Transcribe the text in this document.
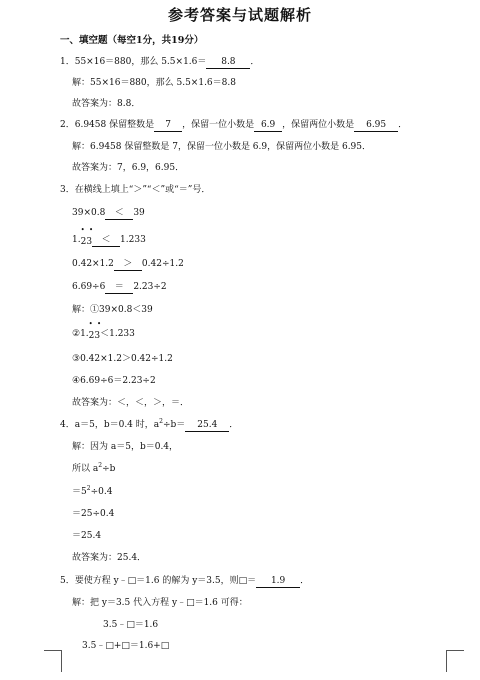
参考答案与试题解析
一、填空题（每空1分，共19分）
1．55×16＝880，那么 5.5×1.6＝ 8.8 ．
解：55×16＝880，那么 5.5×1.6＝8.8
故答案为：8.8．
2．6.9458 保留整数是 7 ，保留一位小数是 6.9 ，保留两位小数是 6.95 ．
解：6.9458 保留整数是 7，保留一位小数是 6.9，保留两位小数是 6.95．
故答案为：7，6.9，6.95．
3．在横线上填上“＞”“＜”或“＝”号．
39×0.8 ＜ 39
1.
• •
23 ＜ 1.233
0.42×1.2 ＞ 0.42÷1.2
6.69÷6 ＝ 2.23÷2
解：①39×0.8＜39
②1.
• •
23＜1.233
③0.42×1.2＞0.42÷1.2
④6.69÷6＝2.23÷2
故答案为：＜，＜，＞，＝．
4．a＝5，b＝0.4 时，$a^2\div b= 25.4$ ．
解：因为 a＝5，b＝0.4，
所以 $a^2\div b$
$=5^2\div 0.4$
＝25÷0.4
＝25.4
故答案为：25.4．
5．要使方程 y﹣□＝1.6 的解为 y＝3.5，则□＝ 1.9 ．
解：把 y＝3.5 代入方程 y﹣□＝1.6 可得：
3.5﹣□＝1.6
3.5﹣□+□＝1.6+□
